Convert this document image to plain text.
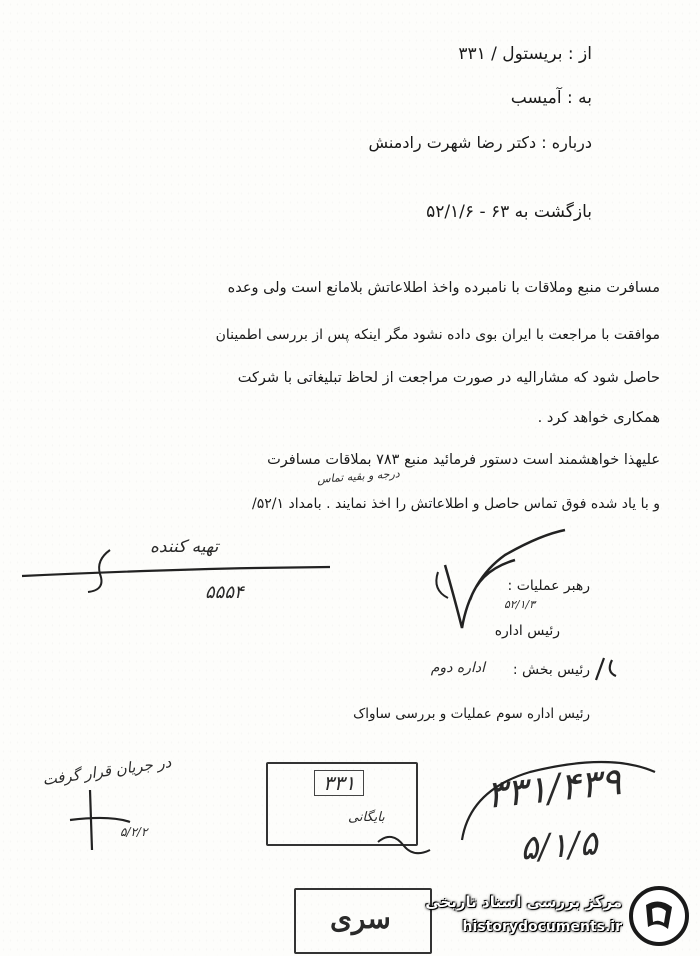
از : بریستول / ۳۳۱
به : آمیسب
درباره : دکتر رضا شهرت رادمنش
بازگشت به ۶۳ - ۵۲/۱/۶
مسافرت منبع وملاقات با نامبرده واخذ اطلاعاتش بلامانع است ولی وعده
موافقت با مراجعت با ایران بوی داده نشود مگر اینکه پس از بررسی اطمینان
حاصل شود که مشارالیه در صورت مراجعت از لحاظ تبلیغاتی با شرکت
همکاری خواهد کرد .
علیهذا خواهشمند است دستور فرمائید منبع ۷۸۳ بملاقات مسافرت
درجه و بقیه تماس
و با یاد شده فوق تماس حاصل و اطلاعاتش را اخذ نمایند . بامداد ۵۲/۱/
تهیه کننده
۵۵۵۴	رهبر عملیات :
۵۲/۱/۳
رئیس اداره
رئیس بخش :
اداره دوم
رئیس اداره سوم عملیات و بررسی ساواک
در جریان قرار گرفت
۵/۲/۲
۳۳۱
بایگانی
۳۳۱/۴۳۹
۵/۱/۵
سری مرکز بررسی اسناد تاریخی
historydocuments.ir
